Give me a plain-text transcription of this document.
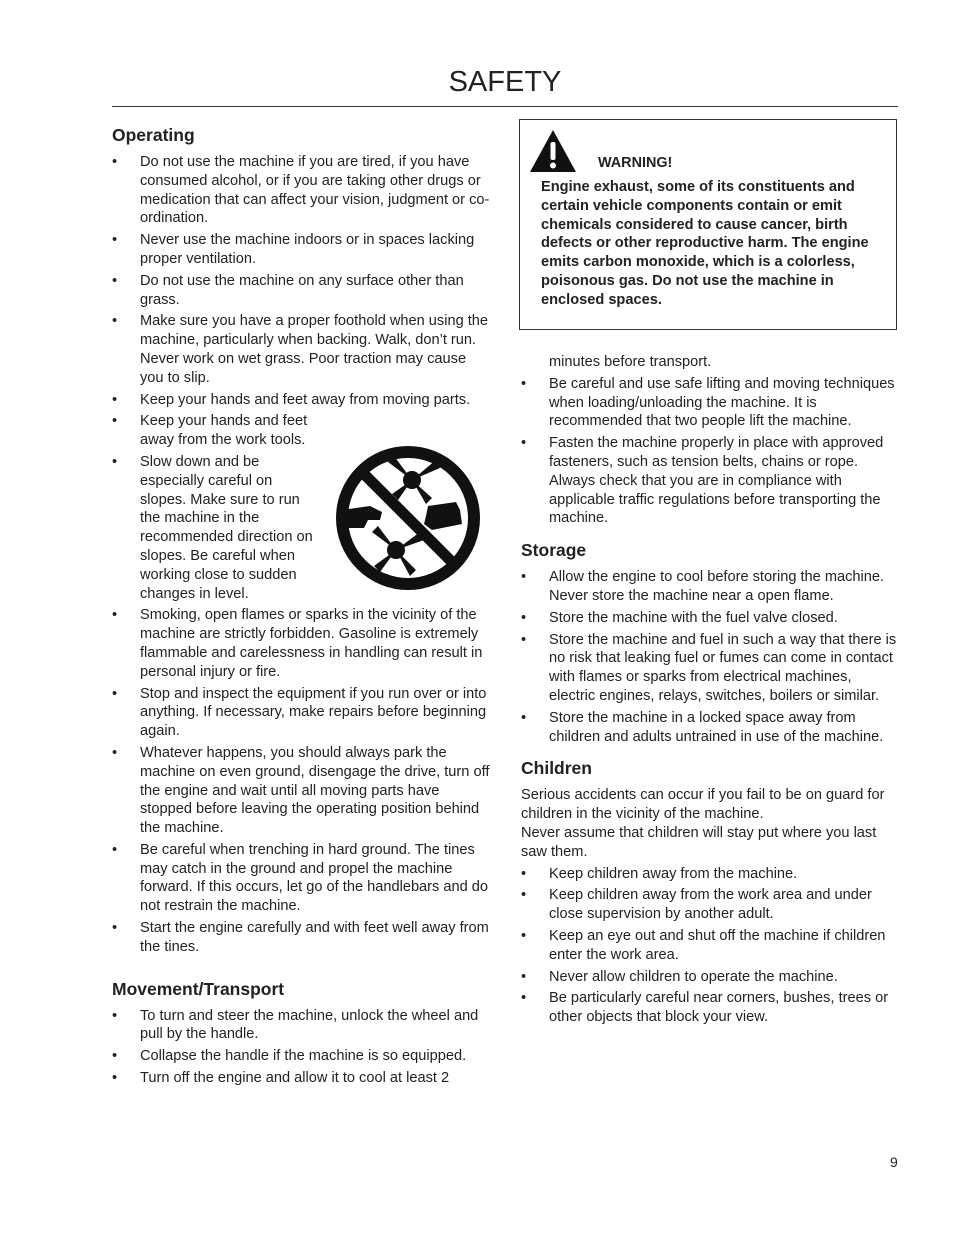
SAFETY
Operating
• Do not use the machine if you are tired, if you have consumed alcohol, or if you are taking other drugs or medication that can affect your vision, judgment or co-ordination.
• Never use the machine indoors or in spaces lacking proper ventilation.
• Do not use the machine on any surface other than grass.
• Make sure you have a proper foothold when using the machine, particularly when backing. Walk, don’t run. Never work on wet grass. Poor traction may cause you to slip.
• Keep your hands and feet away from moving parts.
• Keep your hands and feet away from the work tools.
• Slow down and be especially careful on slopes. Make sure to run the machine in the recommended direction on slopes. Be careful when working close to sudden changes in level.
• Smoking, open flames or sparks in the vicinity of the machine are strictly forbidden. Gasoline is extremely flammable and carelessness in handling can result in personal injury or fire.
• Stop and inspect the equipment if you run over or into anything. If necessary, make repairs before beginning again.
• Whatever happens, you should always park the machine on even ground, disengage the drive, turn off the engine and wait until all moving parts have stopped before leaving the operating position behind the machine.
• Be careful when trenching in hard ground. The tines may catch in the ground and propel the machine forward. If this occurs, let go of the handlebars and do not restrain the machine.
• Start the engine carefully and with feet well away from the tines.
Movement/Transport
• To turn and steer the machine, unlock the wheel and pull by the handle.
• Collapse the handle if the machine is so equipped.
• Turn off the engine and allow it to cool at least 2
WARNING!
Engine exhaust, some of its constituents and certain vehicle components contain or emit chemicals considered to cause cancer, birth defects or other reproductive harm. The engine emits carbon monoxide, which is a colorless, poisonous gas. Do not use the machine in enclosed spaces.
minutes before transport.
• Be careful and use safe lifting and moving techniques when loading/unloading the machine. It is recommended that two people lift the machine.
• Fasten the machine properly in place with approved fasteners, such as tension belts, chains or rope. Always check that you are in compliance with applicable traffic regulations before transporting the machine.
Storage
• Allow the engine to cool before storing the machine. Never store the machine near a open flame.
• Store the machine with the fuel valve closed.
• Store the machine and fuel in such a way that there is no risk that leaking fuel or fumes can come in contact with flames or sparks from electrical machines, electric engines, relays, switches, boilers or similar.
• Store the machine in a locked space away from children and adults untrained in use of the machine.
Children

Serious accidents can occur if you fail to be on guard for children in the vicinity of the machine.

Never assume that children will stay put where you last saw them.

• Keep children away from the machine.
• Keep children away from the work area and under close supervision by another adult.
• Keep an eye out and shut off the machine if children enter the work area.
• Never allow children to operate the machine.
• Be particularly careful near corners, bushes, trees or other objects that block your view.
9
